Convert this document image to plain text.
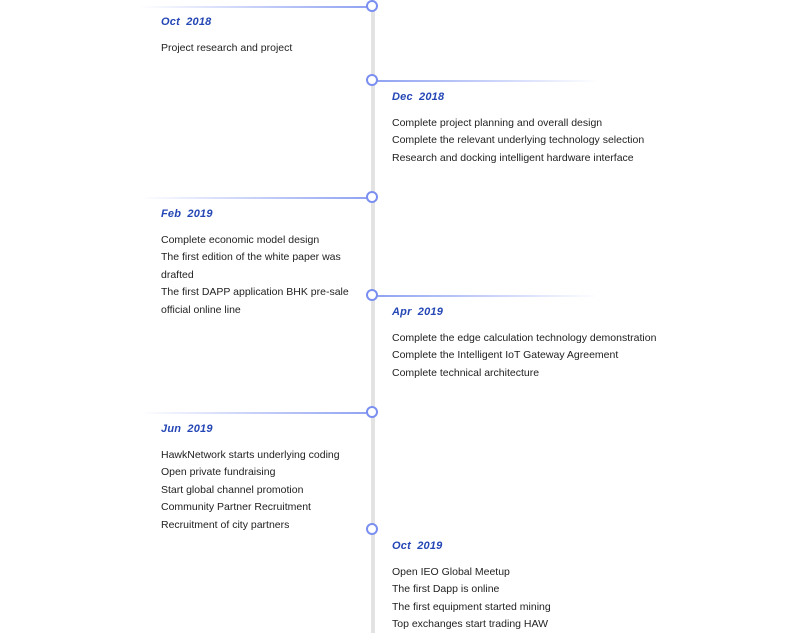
Oct 2018
Project research and project
Dec 2018
Complete project planning and overall design
Complete the relevant underlying technology selection
Research and docking intelligent hardware interface
Feb 2019
Complete economic model design
The first edition of the white paper was drafted
The first DAPP application BHK pre-sale official online line	Apr 2019
Complete the edge calculation technology demonstration
Complete the Intelligent IoT Gateway Agreement
Complete technical architecture
Jun 2019
HawkNetwork starts underlying coding
Open private fundraising
Start global channel promotion
Community Partner Recruitment
Recruitment of city partners
Oct 2019
Open IEO Global Meetup
The first Dapp is online
The first equipment started mining
Top exchanges start trading HAW
